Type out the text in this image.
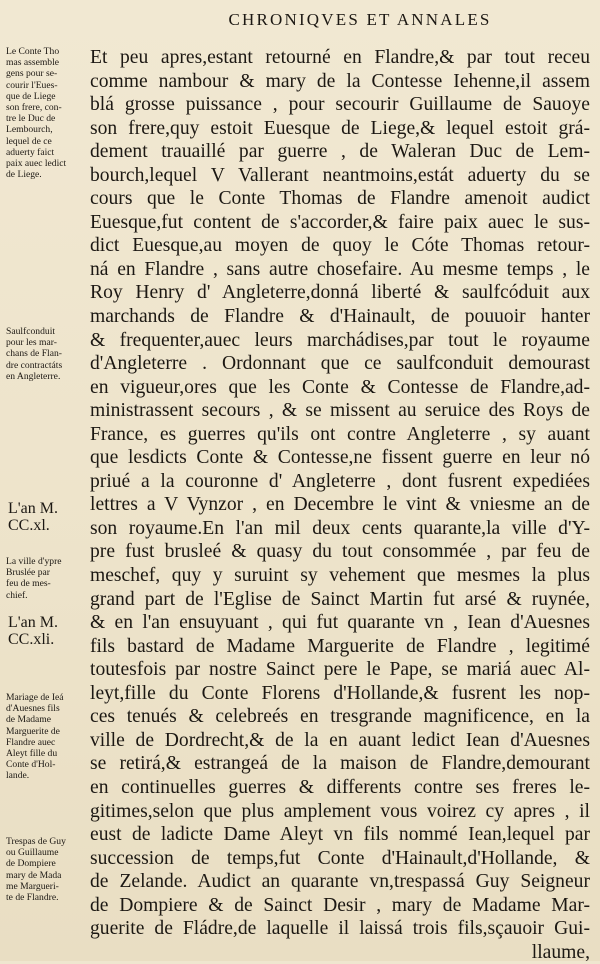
CHRONIQVES ET ANNALES
Et peu apres,estant retourné en Flandre,& par tout receu
comme nambour & mary de la Contesse Iehenne,il assem
blá grosse puissance , pour secourir Guillaume de Sauoye
son frere,quy estoit Euesque de Liege,& lequel estoit grá-
dement trauaillé par guerre , de Waleran Duc de Lem-
bourch,lequel V Vallerant neantmoins,estát aduerty du se
cours que le Conte Thomas de Flandre amenoit audict
Euesque,fut content de s'accorder,& faire paix auec le sus-
dict Euesque,au moyen de quoy le Cóte Thomas retour-
ná en Flandre , sans autre chosefaire. Au mesme temps , le
Roy Henry d' Angleterre,donná liberté & saulfcóduit aux
marchands de Flandre & d'Hainault, de pouuoir hanter
& frequenter,auec leurs marchádises,par tout le royaume
d'Angleterre . Ordonnant que ce saulfconduit demourast
en vigueur,ores que les Conte & Contesse de Flandre,ad-
ministrassent secours , & se missent au seruice des Roys de
France, es guerres qu'ils ont contre Angleterre , sy auant
que lesdicts Conte & Contesse,ne fissent guerre en leur nó
priué a la couronne d' Angleterre , dont fusrent expediées
lettres a V Vynzor , en Decembre le vint & vniesme an de
son royaume.En l'an mil deux cents quarante,la ville d'Y-
pre fust brusleé & quasy du tout consommée , par feu de
meschef, quy y suruint sy vehement que mesmes la plus
grand part de l'Eglise de Sainct Martin fut arsé & ruynée,
& en l'an ensuyuant , qui fut quarante vn , Iean d'Auesnes
fils bastard de Madame Marguerite de Flandre , legitimé
toutesfois par nostre Sainct pere le Pape, se mariá auec Al-
leyt,fille du Conte Florens d'Hollande,& fusrent les nop-
ces tenués & celebreés en tresgrande magnificence, en la
ville de Dordrecht,& de la en auant ledict Iean d'Auesnes
se retirá,& estrangeá de la maison de Flandre,demourant
en continuelles guerres & differents contre ses freres le-
gitimes,selon que plus amplement vous voirez cy apres , il
eust de ladicte Dame Aleyt vn fils nommé Iean,lequel par
succession de temps,fut Conte d'Hainault,d'Hollande, &
de Zelande. Audict an quarante vn,trespassá Guy Seigneur
de Dompiere & de Sainct Desir , mary de Madame Mar-
guerite de Fládre,de laquelle il laissá trois fils,sçauoir Gui-
llaume,
Le Conte Tho
mas assemble
gens pour se-
courir l'Eues-
que de Liege
son frere, con-
tre le Duc de
Lembourch,
lequel de ce
aduerty faict
paix auec ledict
de Liege.
Saulfconduit
pour les mar-
chans de Flan-
dre contractáts
en Angleterre.
L'an M.
CC.xl.
La ville d'ypre
Bruslée par
feu de mes-
chief.
L'an M.
CC.xli.
Mariage de Ieá
d'Auesnes fils
de Madame
Marguerite de
Flandre auec
Aleyt fille du
Conte d'Hol-
lande.
Trespas de Guy
ou Guillaume
de Dompiere
mary de Mada
me Margueri-
te de Flandre.
